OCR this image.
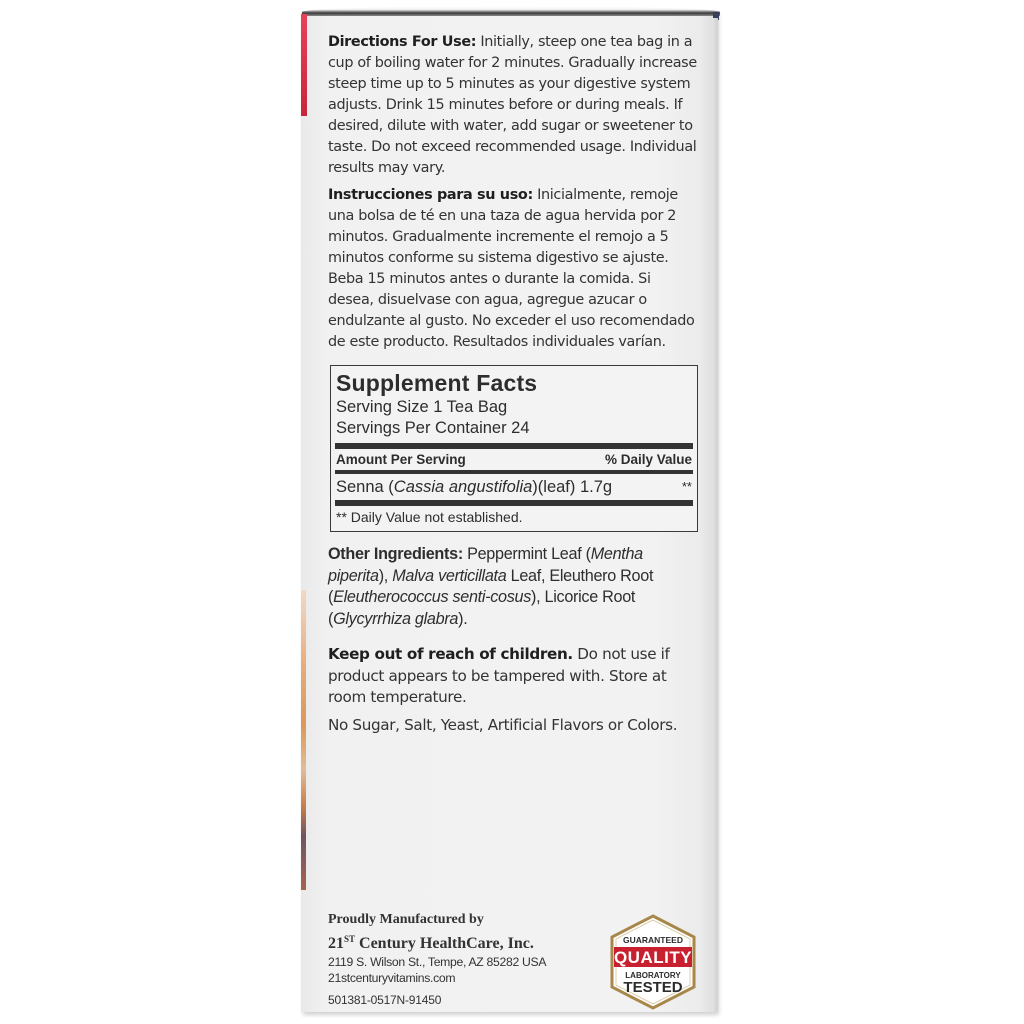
Directions For Use: Initially, steep one tea bag in a cup of boiling water for 2 minutes. Gradually increase steep time up to 5 minutes as your digestive system adjusts. Drink 15 minutes before or during meals. If desired, dilute with water, add sugar or sweetener to taste. Do not exceed recommended usage. Individual results may vary.

Instrucciones para su uso: Inicialmente, remoje una bolsa de té en una taza de agua hervida por 2 minutos. Gradualmente incremente el remojo a 5 minutos conforme su sistema digestivo se ajuste. Beba 15 minutos antes o durante la comida. Si desea, disuelvase con agua, agregue azucar o endulzante al gusto. No exceder el uso recomendado de este producto. Resultados individuales varían.

Supplement Facts
Serving Size 1 Tea Bag
Servings Per Container 24
Amount Per Serving	% Daily Value
Senna (Cassia angustifolia)(leaf) 1.7g	**
** Daily Value not established.

Other Ingredients: Peppermint Leaf (Mentha piperita), Malva verticillata Leaf, Eleuthero Root (Eleutherococcus senti-cosus), Licorice Root (Glycyrrhiza glabra).

Keep out of reach of children. Do not use if product appears to be tampered with. Store at room temperature.

No Sugar, Salt, Yeast, Artificial Flavors or Colors.

Proudly Manufactured by
21ST Century HealthCare, Inc.
2119 S. Wilson St., Tempe, AZ 85282 USA
21stcenturyvitamins.com
501381-0517N-91450
GUARANTEED
QUALITY
LABORATORY
TESTED
